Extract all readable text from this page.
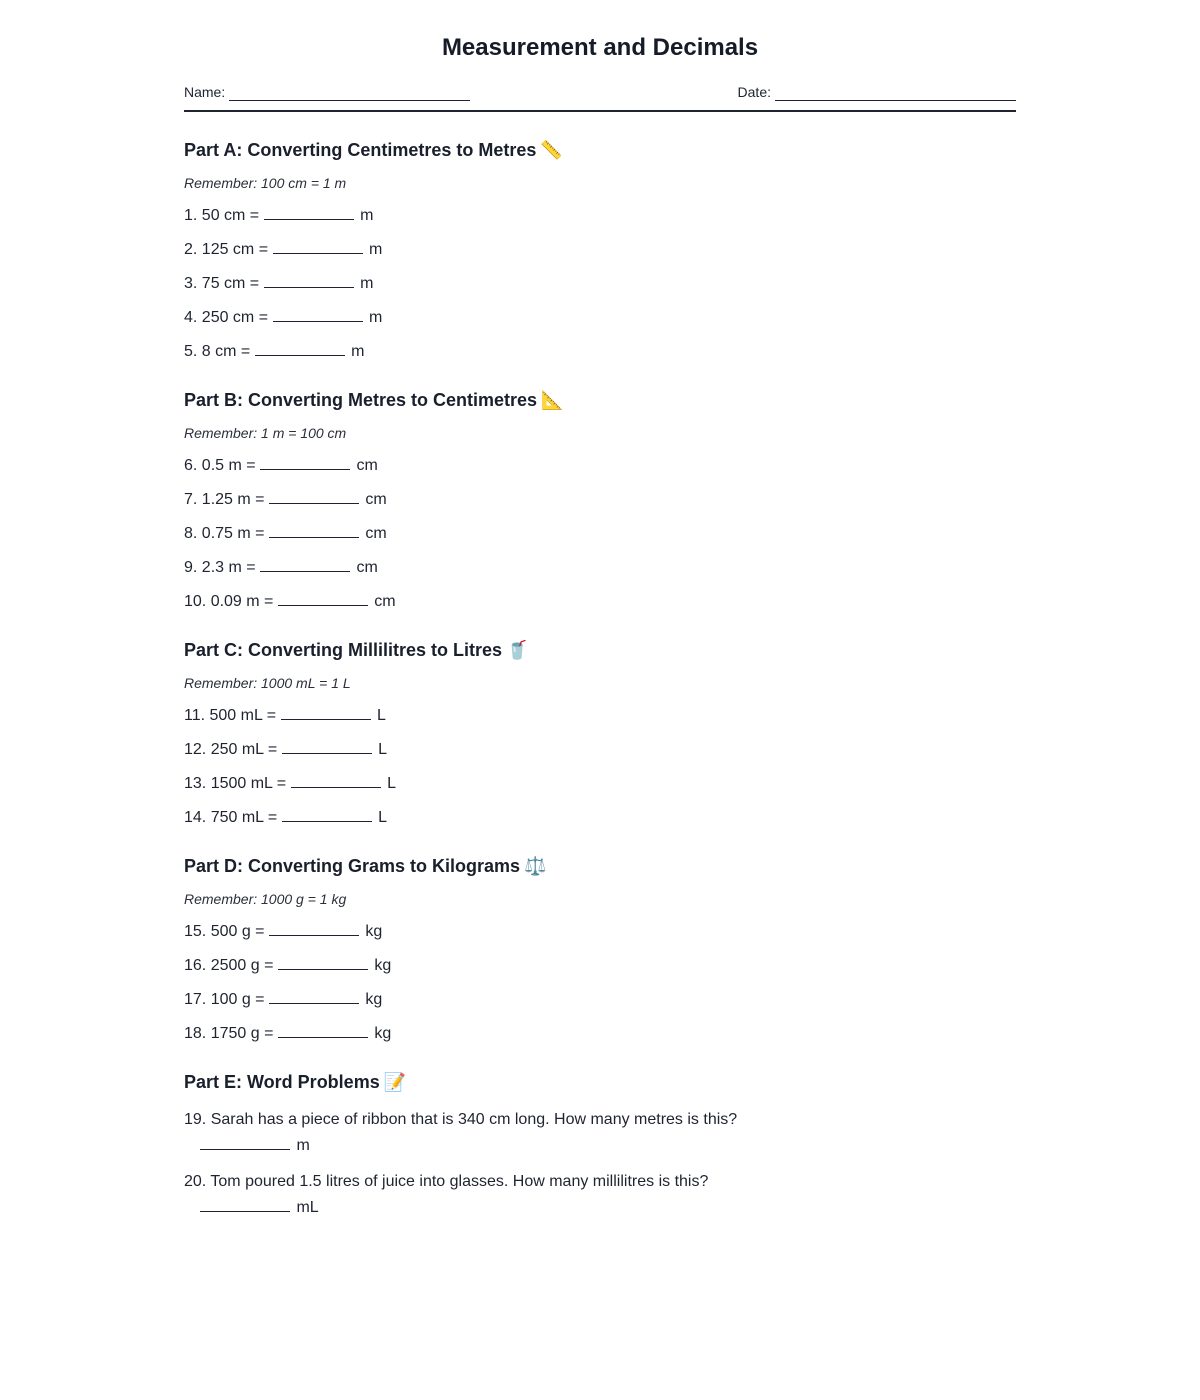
Measurement and Decimals
Name:	Date:
Part A: Converting Centimetres to Metres 📏

Remember: 100 cm = 1 m

1. 50 cm =	m

2. 125 cm =	m

3. 75 cm =	m

4. 250 cm =	m

5. 8 cm =	m

Part B: Converting Metres to Centimetres 📐

Remember: 1 m = 100 cm

6. 0.5 m =	cm

7. 1.25 m =	cm

8. 0.75 m =	cm

9. 2.3 m =	cm

10. 0.09 m =	cm

Part C: Converting Millilitres to Litres 🥤

Remember: 1000 mL = 1 L

11. 500 mL =	L

12. 250 mL =	L

13. 1500 mL =	L

14. 750 mL =	L

Part D: Converting Grams to Kilograms ⚖️

Remember: 1000 g = 1 kg

15. 500 g =	kg

16. 2500 g =	kg

17. 100 g =	kg

18. 1750 g =	kg

Part E: Word Problems 📝

19. Sarah has a piece of ribbon that is 340 cm long. How many metres is this?

m

20. Tom poured 1.5 litres of juice into glasses. How many millilitres is this?

mL
